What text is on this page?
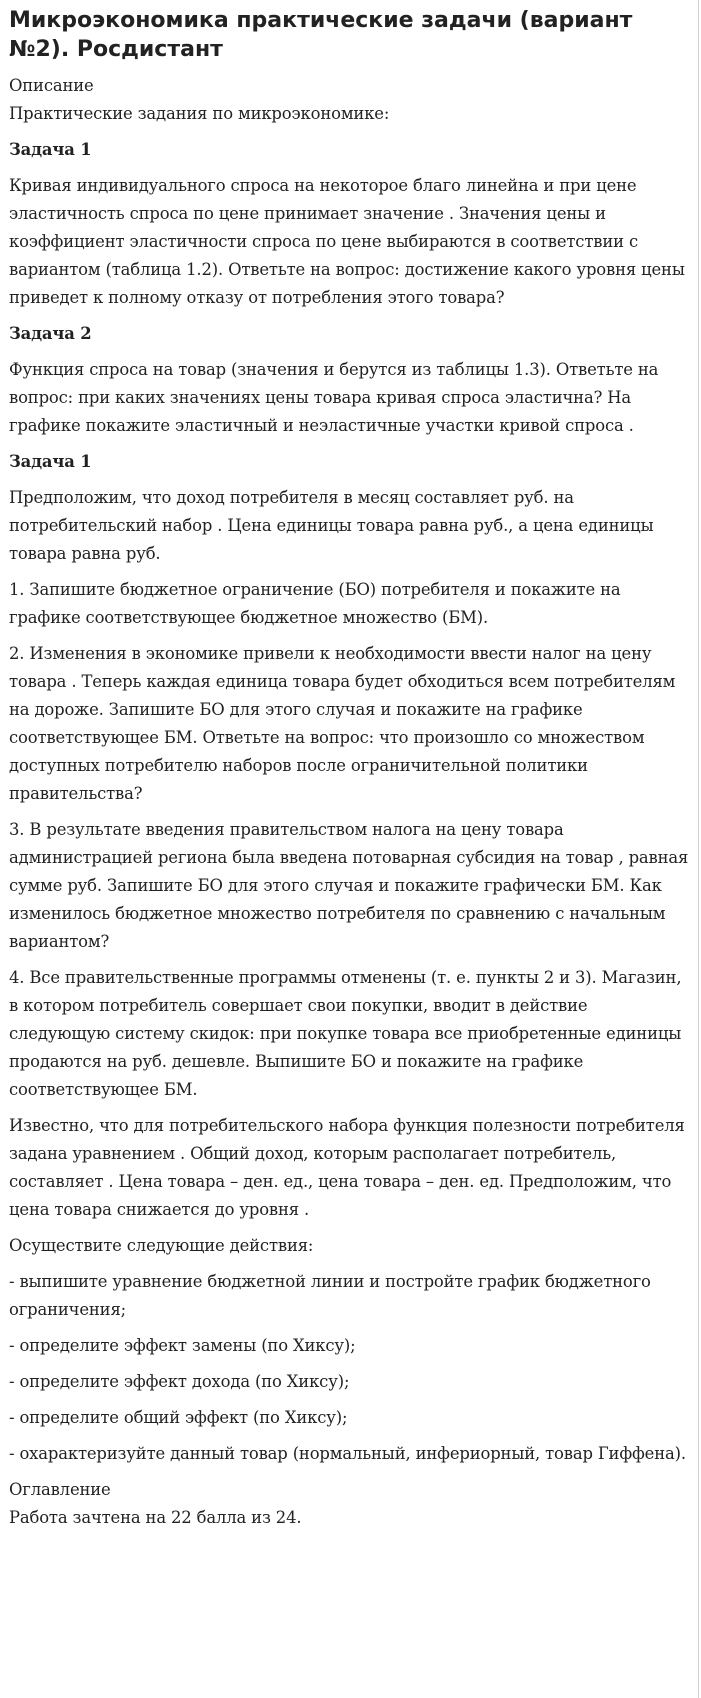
Микроэкономика практические задачи (вариант №2). Росдистант
Описание
Практические задания по микроэкономике:
Задача 1
Кривая индивидуального спроса на некоторое благо линейна и при цене эластичность спроса по цене принимает значение . Значения цены и коэффициент эластичности спроса по цене выбираются в соответствии с вариантом (таблица 1.2). Ответьте на вопрос: достижение какого уровня цены приведет к полному отказу от потребления этого товара?
Задача 2
Функция спроса на товар (значения и берутся из таблицы 1.3). Ответьте на вопрос: при каких значениях цены товара кривая спроса эластична? На графике покажите эластичный и неэластичные участки кривой спроса .
Задача 1
Предположим, что доход потребителя в месяц составляет руб. на потребительский набор . Цена единицы товара равна руб., а цена единицы товара равна руб.
1. Запишите бюджетное ограничение (БО) потребителя и покажите на графике соответствующее бюджетное множество (БМ).
2. Изменения в экономике привели к необходимости ввести налог на цену товара . Теперь каждая единица товара будет обходиться всем потребителям на дороже. Запишите БО для этого случая и покажите на графике соответствующее БМ. Ответьте на вопрос: что произошло со множеством доступных потребителю наборов после ограничительной политики правительства?
3. В результате введения правительством налога на цену товара администрацией региона была введена потоварная субсидия на товар , равная сумме руб. Запишите БО для этого случая и покажите графически БМ. Как изменилось бюджетное множество потребителя по сравнению с начальным вариантом?
4. Все правительственные программы отменены (т. е. пункты 2 и 3). Магазин, в котором потребитель совершает свои покупки, вводит в действие следующую систему скидок: при покупке товара все приобретенные единицы продаются на руб. дешевле. Выпишите БО и покажите на графике соответствующее БМ.
Известно, что для потребительского набора функция полезности потребителя задана уравнением . Общий доход, которым располагает потребитель, составляет . Цена товара – ден. ед., цена товара – ден. ед. Предположим, что цена товара снижается до уровня .
Осуществите следующие действия:
- выпишите уравнение бюджетной линии и постройте график бюджетного ограничения;
- определите эффект замены (по Хиксу);
- определите эффект дохода (по Хиксу);
- определите общий эффект (по Хиксу);
- охарактеризуйте данный товар (нормальный, инфериорный, товар Гиффена).
Оглавление
Работа зачтена на 22 балла из 24.
